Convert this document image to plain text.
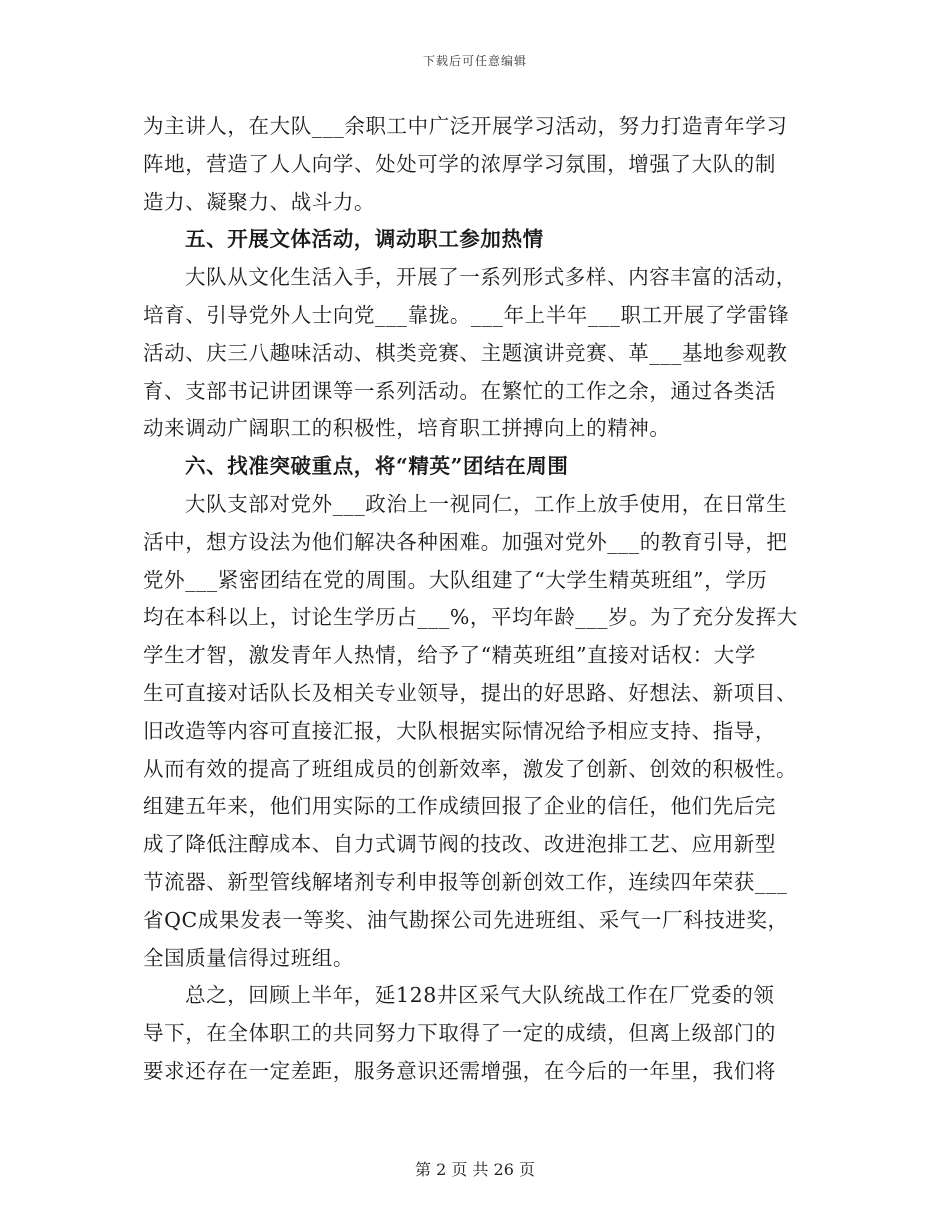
下载后可任意编辑
为主讲人，在大队___余职工中广泛开展学习活动，努力打造青年学习
阵地，营造了人人向学、处处可学的浓厚学习氛围，增强了大队的制
造力、凝聚力、战斗力。
五、开展文体活动，调动职工参加热情
大队从文化生活入手，开展了一系列形式多样、内容丰富的活动，
培育、引导党外人士向党___靠拢。___年上半年___职工开展了学雷锋
活动、庆三八趣味活动、棋类竞赛、主题演讲竞赛、革___基地参观教
育、支部书记讲团课等一系列活动。在繁忙的工作之余，通过各类活
动来调动广阔职工的积极性，培育职工拼搏向上的精神。
六、找准突破重点，将“精英”团结在周围
大队支部对党外___政治上一视同仁，工作上放手使用，在日常生
活中，想方设法为他们解决各种困难。加强对党外___的教育引导，把
党外___紧密团结在党的周围。大队组建了“大学生精英班组”，学历
均在本科以上，讨论生学历占___%，平均年龄___岁。为了充分发挥大
学生才智，激发青年人热情，给予了“精英班组”直接对话权：大学
生可直接对话队长及相关专业领导，提出的好思路、好想法、新项目、
旧改造等内容可直接汇报，大队根据实际情况给予相应支持、指导，
从而有效的提高了班组成员的创新效率，激发了创新、创效的积极性。
组建五年来，他们用实际的工作成绩回报了企业的信任，他们先后完
成了降低注醇成本、自力式调节阀的技改、改进泡排工艺、应用新型
节流器、新型管线解堵剂专利申报等创新创效工作，连续四年荣获___
省QC成果发表一等奖、油气勘探公司先进班组、采气一厂科技进奖，
全国质量信得过班组。
总之，回顾上半年，延128井区采气大队统战工作在厂党委的领
导下，在全体职工的共同努力下取得了一定的成绩，但离上级部门的
要求还存在一定差距，服务意识还需增强，在今后的一年里，我们将
第 2 页 共 26 页
